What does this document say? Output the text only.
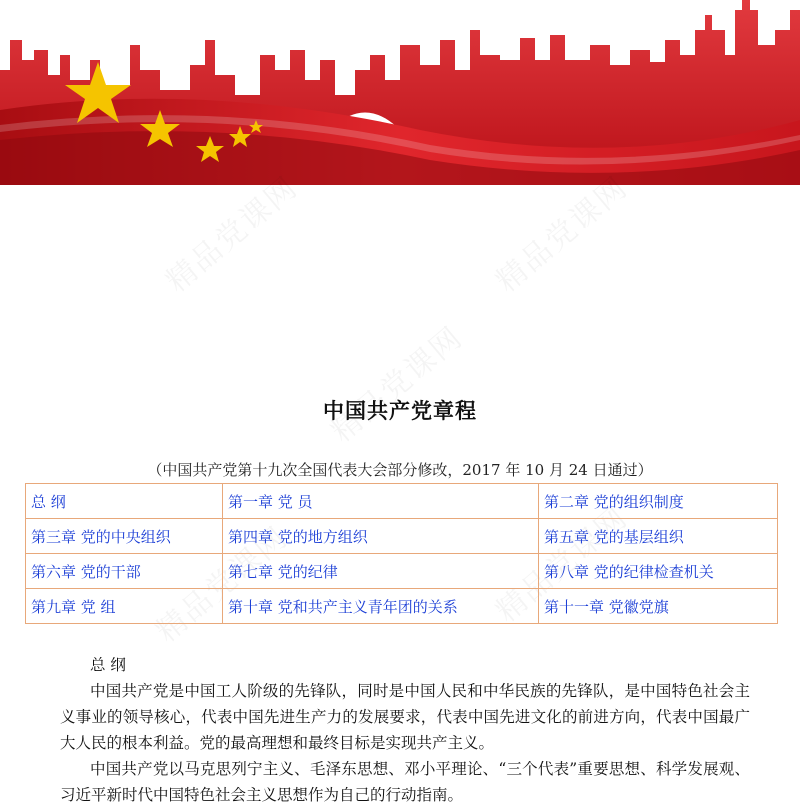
中国共产党章程
（中国共产党第十九次全国代表大会部分修改，2017 年 10 月 24 日通过）
总 纲	第一章 党 员	第二章 党的组织制度
第三章 党的中央组织	第四章 党的地方组织	第五章 党的基层组织
第六章 党的干部	第七章 党的纪律	第八章 党的纪律检查机关
第九章 党 组	第十章 党和共产主义青年团的关系	第十一章 党徽党旗

总 纲

中国共产党是中国工人阶级的先锋队，同时是中国人民和中华民族的先锋队，是中国特色社会主义事业的领导核心，代表中国先进生产力的发展要求，代表中国先进文化的前进方向，代表中国最广大人民的根本利益。党的最高理想和最终目标是实现共产主义。

中国共产党以马克思列宁主义、毛泽东思想、邓小平理论、“三个代表”重要思想、科学发展观、习近平新时代中国特色社会主义思想作为自己的行动指南。
